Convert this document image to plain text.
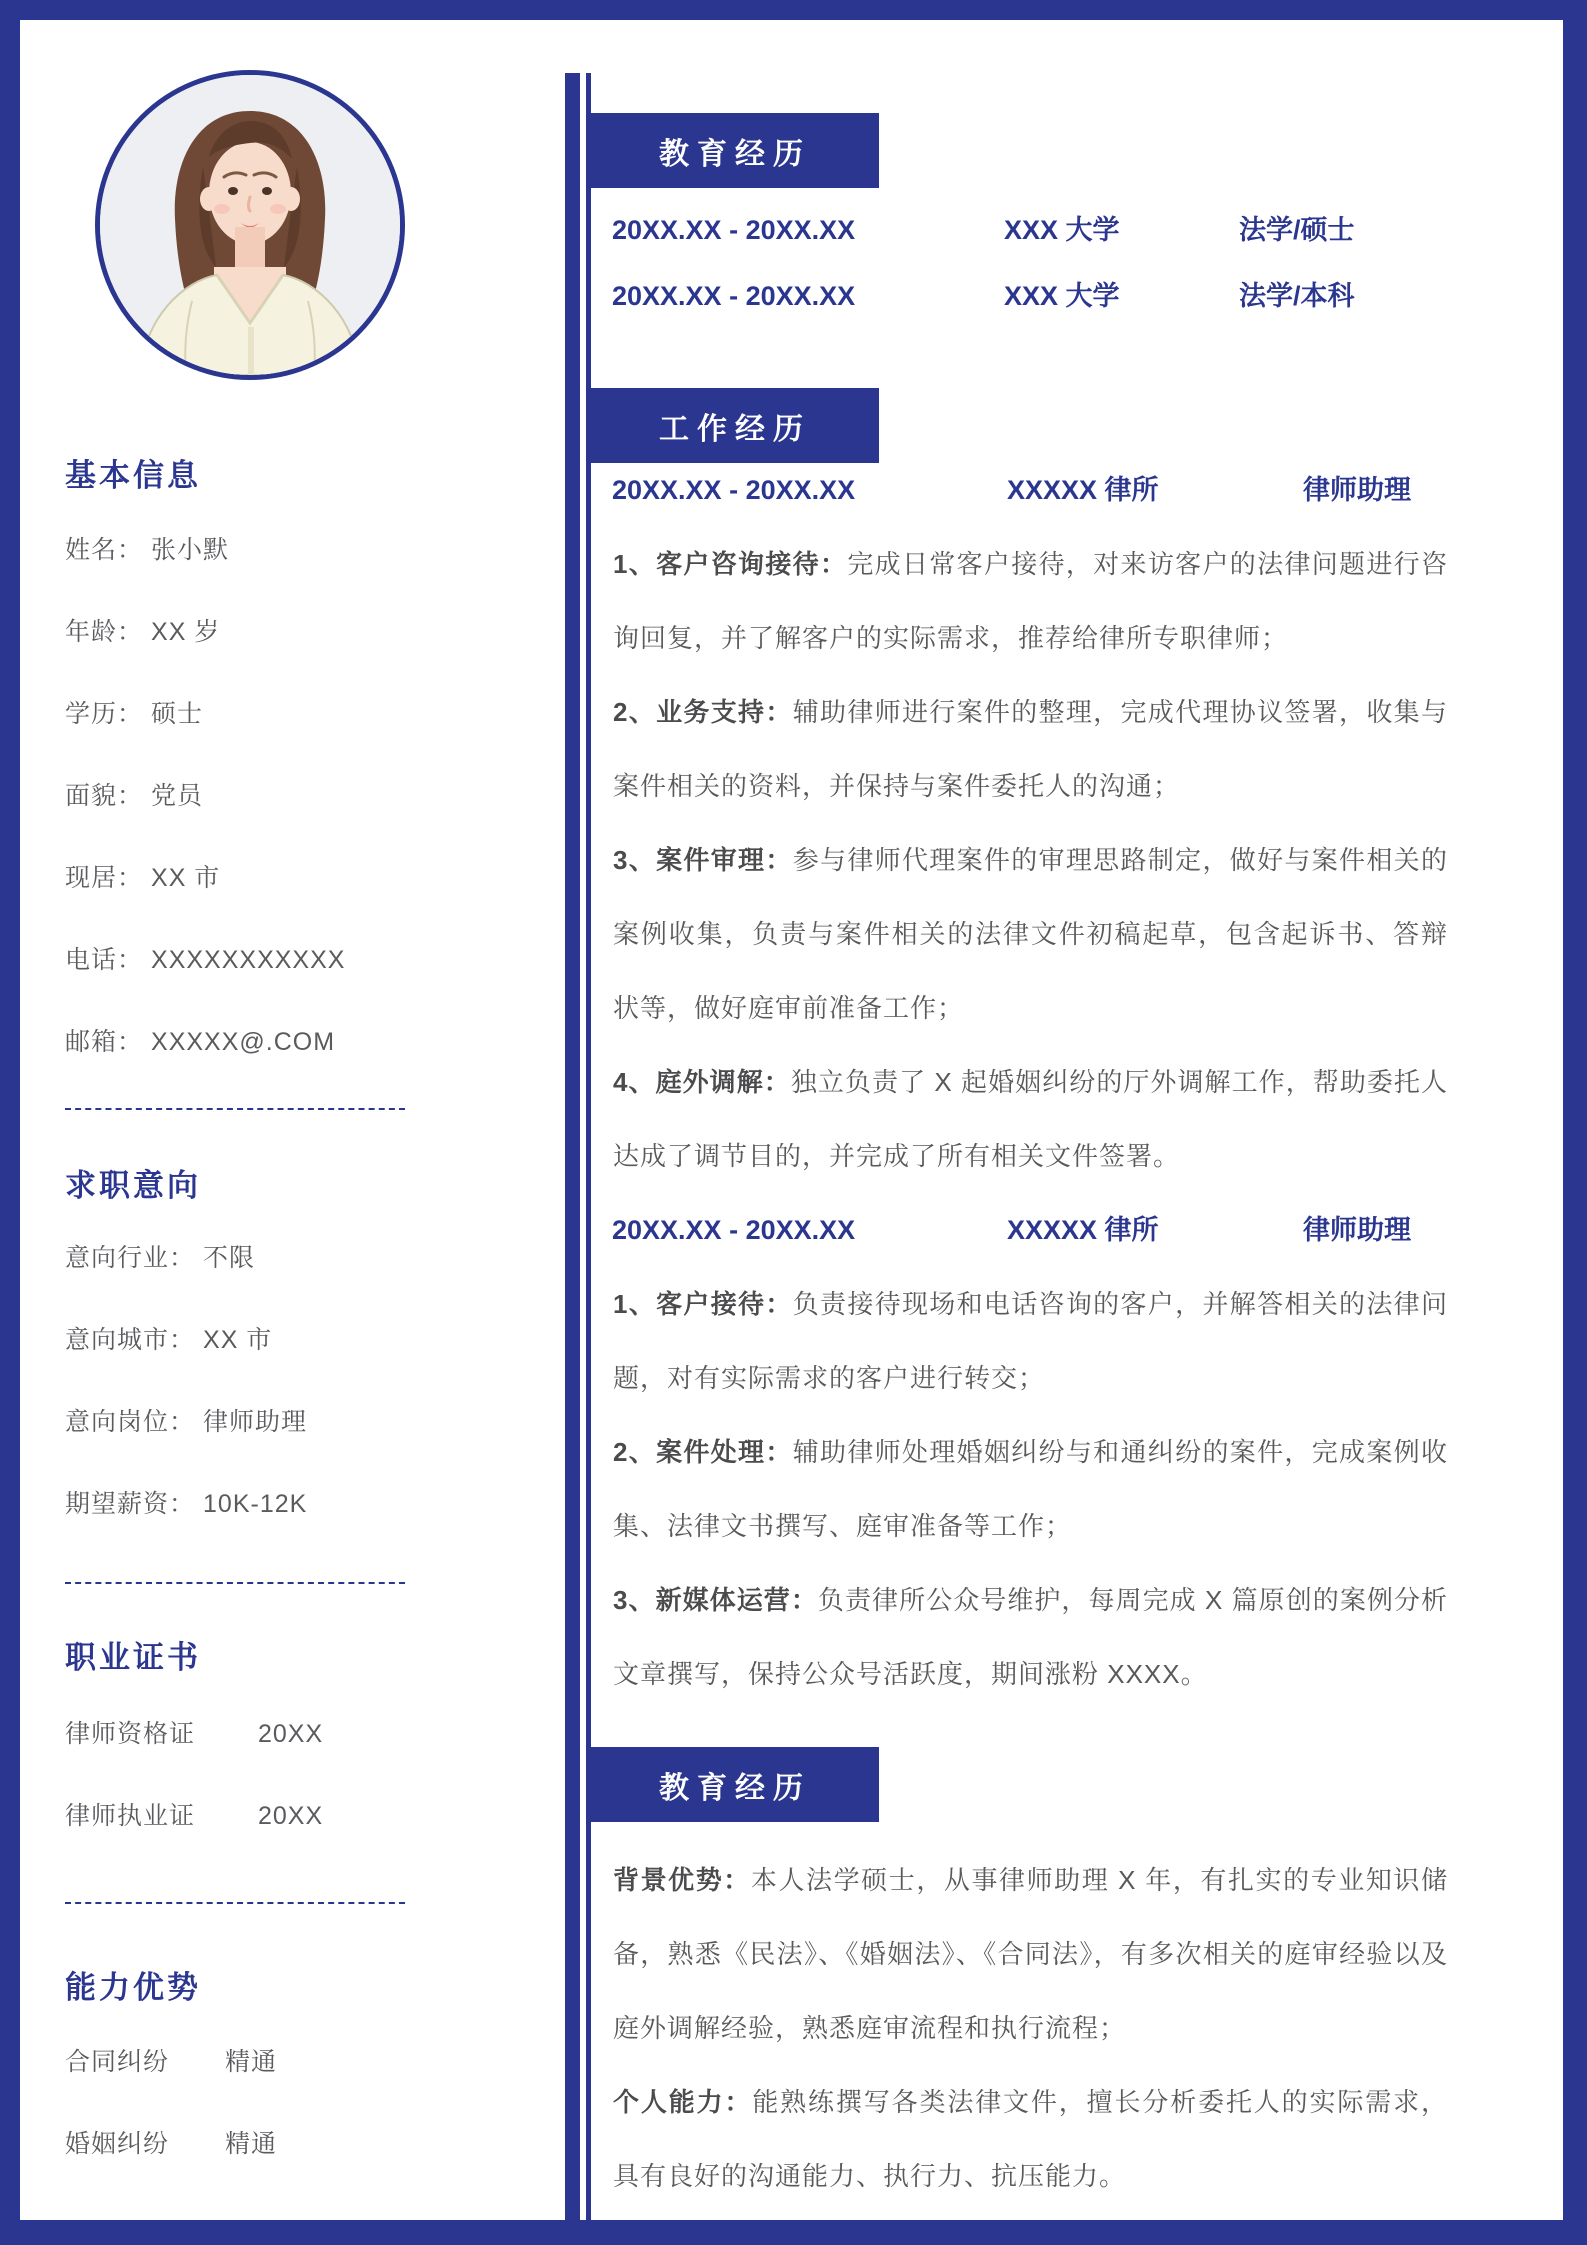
基本信息
姓名： 张小默
年龄： XX 岁
学历： 硕士
面貌： 党员
现居： XX 市
电话： XXXXXXXXXXX
邮箱： XXXXX@.COM
求职意向
意向行业： 不限
意向城市： XX 市
意向岗位： 律师助理
期望薪资： 10K-12K
职业证书
律师资格证	20XX
律师执业证	20XX
能力优势
合同纠纷 精通
婚姻纠纷 精通
教育经历
20XX.XX - 20XX.XX	XXX 大学	法学/硕士
20XX.XX - 20XX.XX	XXX 大学	法学/本科
工作经历
20XX.XX - 20XX.XX	XXXXX 律所	律师助理

1、客户咨询接待：完成日常客户接待，对来访客户的法律问题进行咨询回复，并了解客户的实际需求，推荐给律所专职律师；

2、业务支持：辅助律师进行案件的整理，完成代理协议签署，收集与案件相关的资料，并保持与案件委托人的沟通；

3、案件审理：参与律师代理案件的审理思路制定，做好与案件相关的案例收集，负责与案件相关的法律文件初稿起草，包含起诉书、答辩状等，做好庭审前准备工作；

4、庭外调解：独立负责了 X 起婚姻纠纷的厅外调解工作，帮助委托人达成了调节目的，并完成了所有相关文件签署。

20XX.XX - 20XX.XX	XXXXX 律所	律师助理

1、客户接待：负责接待现场和电话咨询的客户，并解答相关的法律问题，对有实际需求的客户进行转交；

2、案件处理：辅助律师处理婚姻纠纷与和通纠纷的案件，完成案例收集、法律文书撰写、庭审准备等工作；

3、新媒体运营：负责律所公众号维护，每周完成 X 篇原创的案例分析文章撰写，保持公众号活跃度，期间涨粉 XXXX。

教育经历

背景优势：本人法学硕士，从事律师助理 X 年，有扎实的专业知识储备，熟悉《民法》、《婚姻法》、《合同法》，有多次相关的庭审经验以及庭外调解经验，熟悉庭审流程和执行流程；

个人能力：能熟练撰写各类法律文件，擅长分析委托人的实际需求，具有良好的沟通能力、执行力、抗压能力。
